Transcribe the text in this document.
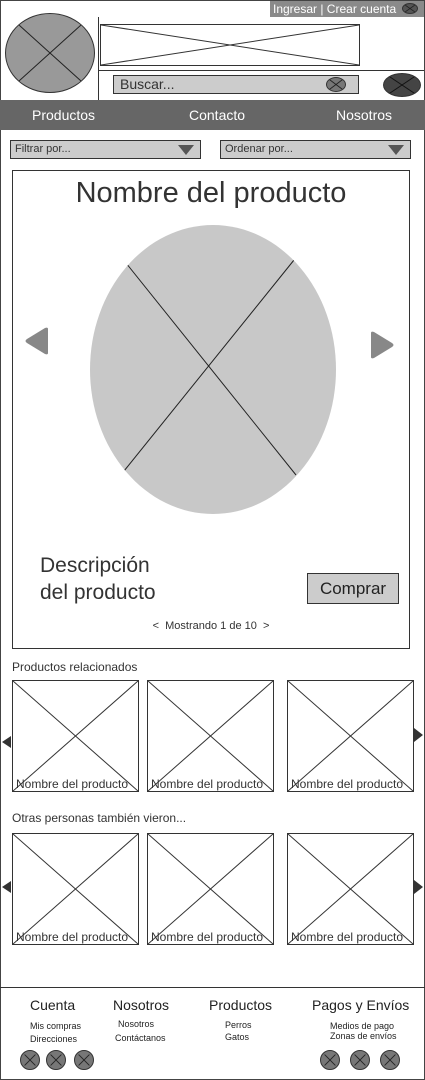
Ingresar | Crear cuenta
Buscar...
Productos	Contacto	Nosotros
Filtrar por...	Ordenar por...
Nombre del producto
Descripción
del producto	Comprar
<  Mostrando 1 de 10  >
Productos relacionados
Nombre del producto Nombre del producto Nombre del producto
Otras personas también vieron...
Nombre del producto Nombre del producto Nombre del producto
Cuenta
Mis compras
Direcciones
Nosotros
Nosotros
Contáctanos
Productos
Perros
Gatos
Pagos y Envíos
Medios de pago
Zonas de envíos
